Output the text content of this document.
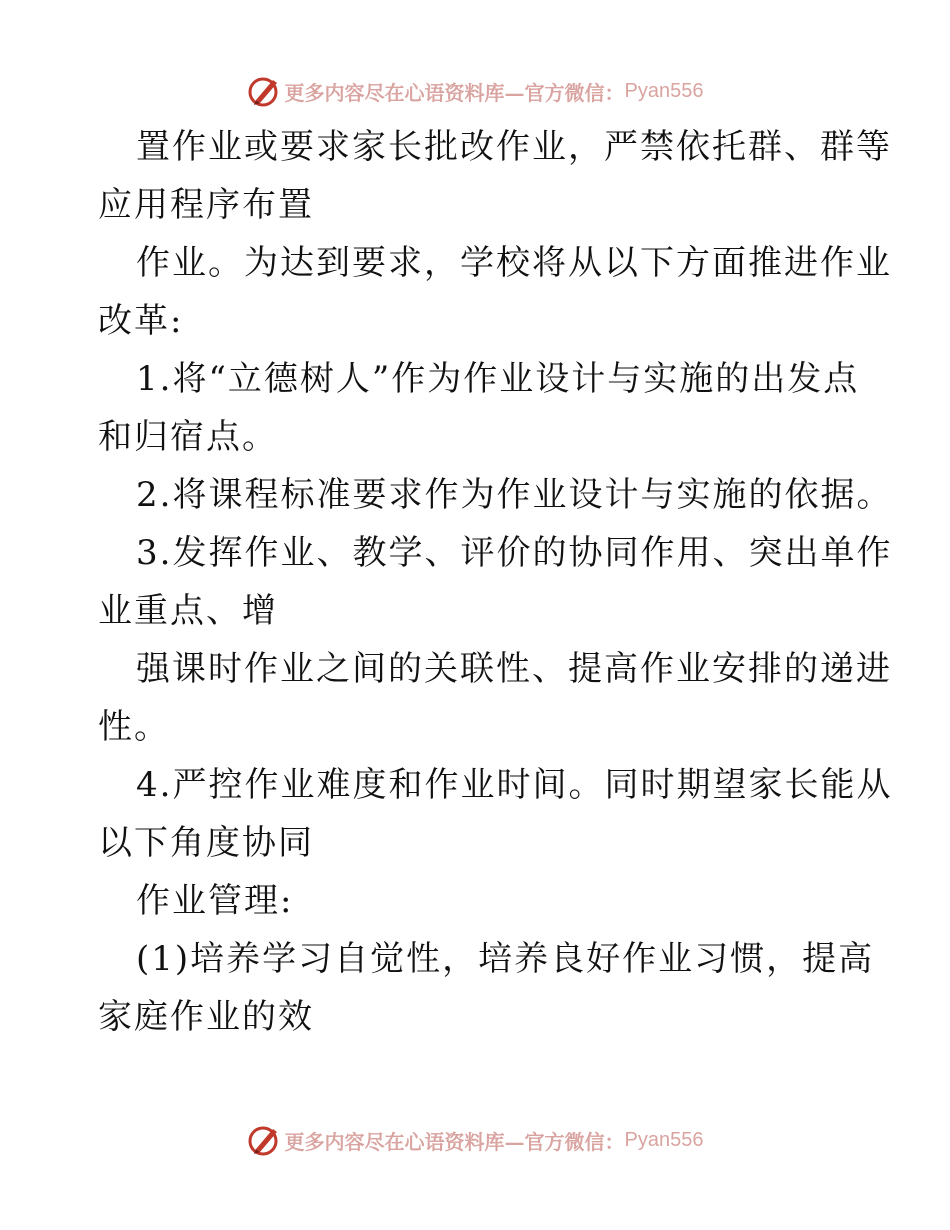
更多内容尽在心语资料库—官方微信： Pyan556
置作业或要求家长批改作业，严禁依托群、群等
应用程序布置
作业。为达到要求，学校将从以下方面推进作业
改革:
1.将“立德树人”作为作业设计与实施的出发点
和归宿点。
2.将课程标准要求作为作业设计与实施的依据。
3.发挥作业、教学、评价的协同作用、突出单作
业重点、增
强课时作业之间的关联性、提高作业安排的递进
性。
4.严控作业难度和作业时间。同时期望家长能从
以下角度协同
作业管理:
(1)培养学习自觉性，培养良好作业习惯，提高
家庭作业的效
更多内容尽在心语资料库—官方微信： Pyan556
